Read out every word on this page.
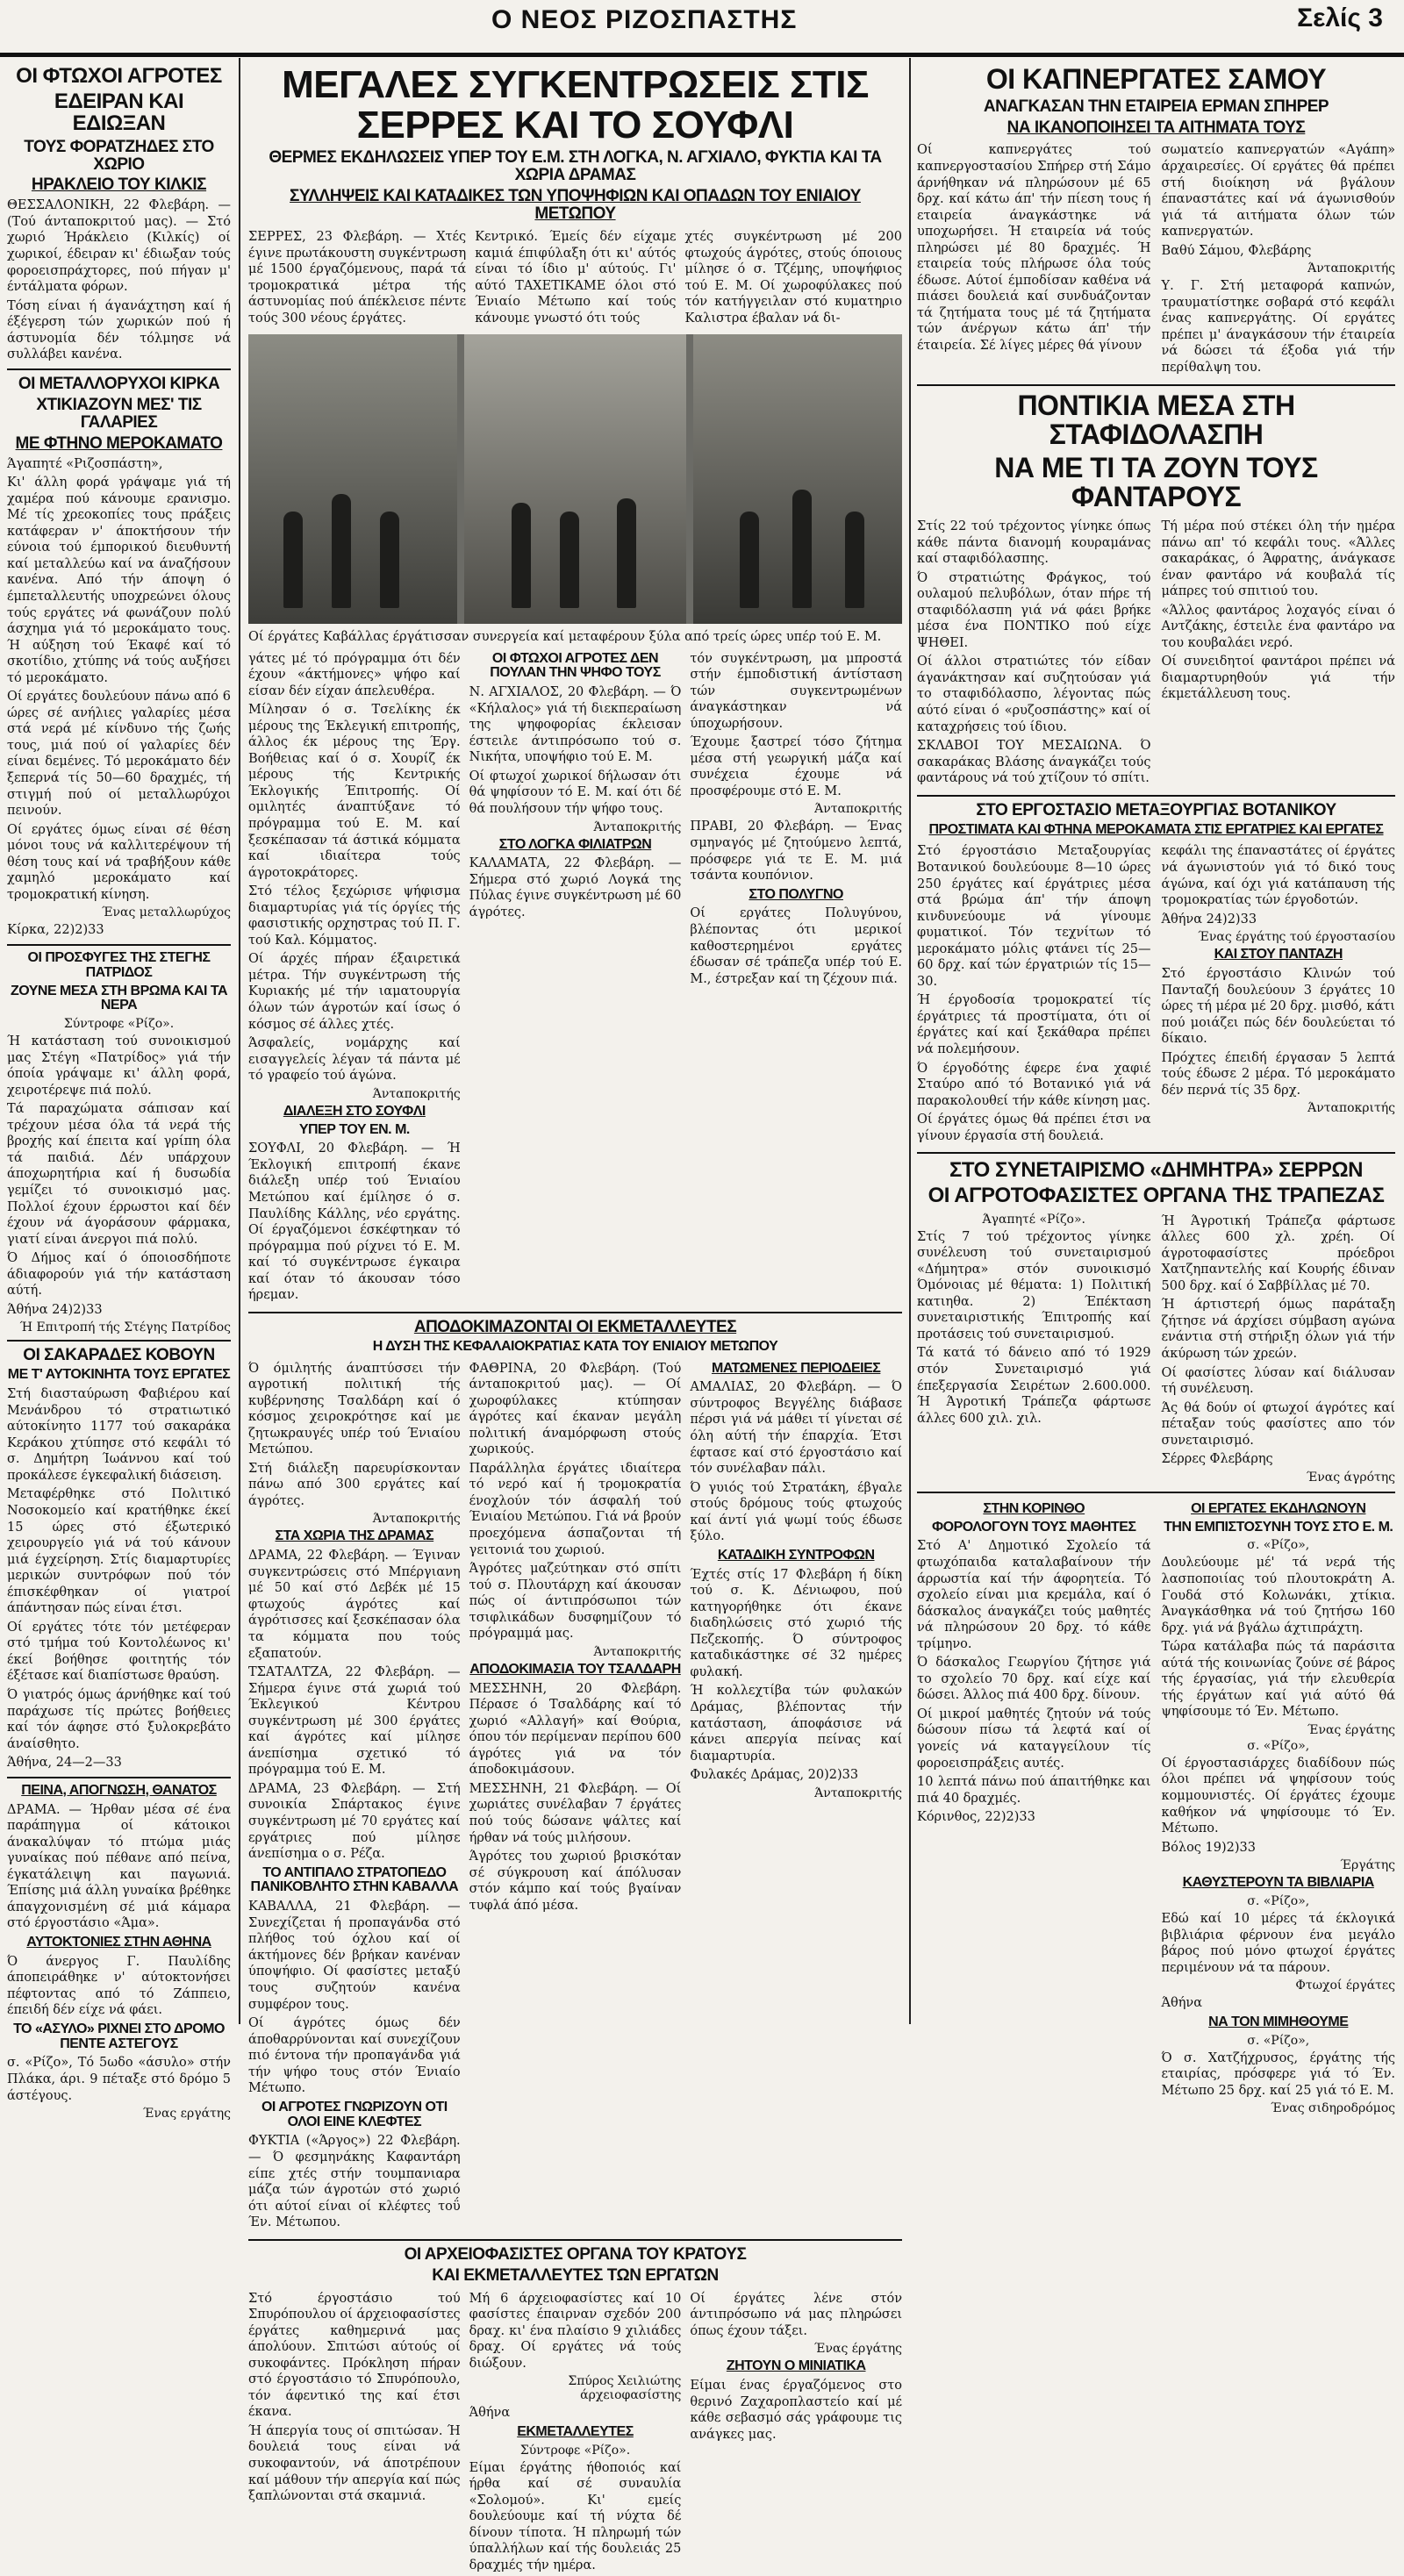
Ο ΝΕΟΣ ΡΙΖΟΣΠΑΣΤΗΣ	Σελίς 3
ΟΙ ΦΤΩΧΟΙ ΑΓΡΟΤΕΣ
ΕΔΕΙΡΑΝ ΚΑΙ ΕΔΙΩΞΑΝ
ΤΟΥΣ ΦΟΡΑΤΖΗΔΕΣ ΣΤΟ ΧΩΡΙΟ
ΗΡΑΚΛΕΙΟ ΤΟΥ ΚΙΛΚΙΣ

ΘΕΣΣΑΛΟΝΙΚΗ, 22 Φλεβάρη. — (Τού άνταποκριτού μας). — Στό χωριό Ήράκλειο (Κιλκίς) οί χωρικοί, έδειραν κι' έδιωξαν τούς φοροεισπράχτορες, πού πήγαν μ' έντάλματα φόρων.

Τόση είναι ή άγανάχτηση καί ή έξέγερση τών χωρικών πού ή άστυνομία δέν τόλμησε νά συλλάβει κανένα.

ΟΙ ΜΕΤΑΛΛΟΡΥΧΟΙ ΚΙΡΚΑ
ΧΤΙΚΙΑΖΟΥΝ ΜΕΣ' ΤΙΣ ΓΑΛΑΡΙΕΣ
ΜΕ ΦΤΗΝΟ ΜΕΡΟΚΑΜΑΤΟ

Άγαπητέ «Ριζοσπάστη»,

Κι' άλλη φορά γράψαμε γιά τή χαμέρα πού κάνουμε ερανισμο. Μέ τίς χρεοκοπίες τους πράξεις κατάφεραν ν' άποκτήσουν τήν εύνοια τού έμπορικού διευθυντή καί μεταλλεύω καί να άναζήσουν κανένα. Από τήν άποψη ό έμπεταλλευτής υποχρεώνει όλους τούς εργάτες νά φωνάζουν πολύ άσχημα γιά τό μεροκάματο τους. Ή αύξηση τού Έκαφέ καί τό σκοτίδιο, χτύπης νά τούς αυξήσει τό μεροκάματο.

Οί εργάτες δουλεύουν πάνω από 6 ώρες σέ ανήλιες γαλαρίες μέσα στά νερά μέ κίνδυνο τής ζωής τους, μιά πού οί γαλαρίες δέν είναι δεμένες. Τό μεροκάματο δέν ξεπερνά τίς 50—60 δραχμές, τή στιγμή πού οί μεταλλωρύχοι πεινούν.

Οί εργάτες όμως είναι σέ θέση μόνοι τους νά καλλιτερέψουν τή θέση τους καί νά τραβήξουν κάθε χαμηλό μεροκάματο καί τρομοκρατική κίνηση.

Ένας μεταλλωρύχος

Κίρκα, 22)2)33

ΟΙ ΠΡΟΣΦΥΓΕΣ ΤΗΣ ΣΤΕΓΗΣ ΠΑΤΡΙΔΟΣ
ΖΟΥΝΕ ΜΕΣΑ ΣΤΗ ΒΡΩΜΑ ΚΑΙ ΤΑ ΝΕΡΑ

Σύντροφε «Ρίζο».

Ή κατάσταση τού συνοικισμού μας Στέγη «Πατρίδος» γιά τήν όποία γράψαμε κι' άλλη φορά, χειροτέρεψε πιά πολύ.

Τά παραχώματα σάπισαν καί τρέχουν μέσα όλα τά νερά τής βροχής καί έπειτα καί γρίπη όλα τά παιδιά. Δέν υπάρχουν άποχωρητήρια καί ή δυσωδία γεμίζει τό συνοικισμό μας. Πολλοί έχουν έρρωστοι καί δέν έχουν νά άγοράσουν φάρμακα, γιατί είναι άνεργοι πιά πολύ.

Ό Δήμος καί ό όποιοσδήποτε άδιαφορούν γιά τήν κατάσταση αύτή.

Άθήνα 24)2)33

Ή Επιτροπή τής Στέγης Πατρίδος

ΟΙ ΣΑΚΑΡΑΔΕΣ ΚΟΒΟΥΝ
ΜΕ Τ' ΑΥΤΟΚΙΝΗΤΑ ΤΟΥΣ ΕΡΓΑΤΕΣ

Στή διασταύρωση Φαβιέρου καί Μενάνδρου τό στρατιωτικό αύτοκίνητο 1177 τού σακαράκα Κεράκου χτύπησε στό κεφάλι τό σ. Δημήτρη Ίωάννου καί τού προκάλεσε έγκεφαλική διάσειση.

Μεταφέρθηκε στό Πολιτικό Νοσοκομείο καί κρατήθηκε έκεί 15 ώρες στό έξωτερικό χειρουργείο γιά νά τού κάνουν μιά έγχείρηση. Στίς διαμαρτυρίες μερικών συντρόφων πού τόν έπισκέφθηκαν οί γιατροί άπάντησαν πώς είναι έτσι.

Οί εργάτες τότε τόν μετέφεραν στό τμήμα τού Κοντολέωνος κι' έκεί βοήθησε φοιτητής τόν έξέτασε καί διαπίστωσε θραύση.

Ό γιατρός όμως άρνήθηκε καί τού παράχωσε τίς πρώτες βοήθειες καί τόν άφησε στό ξυλοκρεβάτο άναίσθητο.

Άθήνα, 24—2—33

ΠΕΙΝΑ, ΑΠΟΓΝΩΣΗ, ΘΑΝΑΤΟΣ

ΔΡΑΜΑ. — Ήρθαν μέσα σέ ένα παράπηγμα οί κάτοικοι άνακαλύψαν τό πτώμα μιάς γυναίκας πού πέθανε από πείνα, έγκατάλειψη και παγωνιά. Έπίσης μιά άλλη γυναίκα βρέθηκε άπαγχονισμένη σέ μιά κάμαρα στό έργοστάσιο «Άμα».

ΑΥΤΟΚΤΟΝΙΕΣ ΣΤΗΝ ΑΘΗΝΑ

Ό άνεργος Γ. Παυλίδης άποπειράθηκε ν' αύτοκτονήσει πέφτοντας από τό Ζάππειο, έπειδή δέν είχε νά φάει.

ΤΟ «ΑΣΥΛΟ» ΡΙΧΝΕΙ ΣΤΟ ΔΡΟΜΟ ΠΕΝΤΕ ΑΣΤΕΓΟΥΣ

σ. «Ρίζο», Τό 5ωδο «άσυλο» στήν Πλάκα, άρι. 9 πέταξε στό δρόμο 5 άστέγους.

Ένας εργάτης

ΜΕΓΑΛΕΣ ΣΥΓΚΕΝΤΡΩΣΕΙΣ ΣΤΙΣ ΣΕΡΡΕΣ ΚΑΙ ΤΟ ΣΟΥΦΛΙ
ΘΕΡΜΕΣ ΕΚΔΗΛΩΣΕΙΣ ΥΠΕΡ ΤΟΥ Ε.Μ. ΣΤΗ ΛΟΓΚΑ, Ν. ΑΓΧΙΑΛΟ, ΦΥΚΤΙΑ ΚΑΙ ΤΑ ΧΩΡΙΑ ΔΡΑΜΑΣ
ΣΥΛΛΗΨΕΙΣ ΚΑΙ ΚΑΤΑΔΙΚΕΣ ΤΩΝ ΥΠΟΨΗΦΙΩΝ ΚΑΙ ΟΠΑΔΩΝ ΤΟΥ ΕΝΙΑΙΟΥ ΜΕΤΩΠΟΥ

ΣΕΡΡΕΣ, 23 Φλεβάρη. — Χτές έγινε πρωτάκουστη συγκέντρωση μέ 1500 έργαζόμενους, παρά τά τρομοκρατικά μέτρα τής άστυνομίας πού άπέκλεισε πέντε τούς 300 νέους έργάτες.

Κεντρικό. Έμείς δέν είχαμε καμιά έπιφύλαξη ότι κι' αύτός είναι τό ίδιο μ' αύτούς. Γι' αύτό ΤΑΧΕΤΙΚΑΜΕ όλοι στό Ένιαίο Μέτωπο καί τούς κάνουμε γνωστό ότι τούς

χτές συγκέντρωση μέ 200 φτωχούς άγρότες, στούς όποιους μίλησε ό σ. Τζέμης, υποψήφιος τού Ε. Μ. Οί χωροφύλακες πού τόν κατήγγειλαν στό κυματηριο Καλιστρα έβαλαν νά δι-

Οί έργάτες Καβάλλας έργάτισσαν συνεργεία καί μεταφέρουν ξύλα από τρείς ώρες υπέρ τού Ε. Μ.

γάτες μέ τό πρόγραμμα ότι δέν έχουν «άκτήμονες» ψήφο καί είσαν δέν είχαν άπελευθέρα.

Μίλησαν ό σ. Τσελίκης έκ μέρους της Έκλεγική επιτροπής, άλλος έκ μέρους της Έργ. Βοήθειας καί ό σ. Χουρίζ έκ μέρους τής Κεντρικής Έκλογικής Έπιτροπής. Οί ομιλητές άναπτύξανε τό πρόγραμμα τού Ε. Μ. καί ξεσκέπασαν τά άστικά κόμματα καί ιδιαίτερα τούς άγροτοκράτορες.

Στό τέλος ξεχώρισε ψήφισμα διαμαρτυρίας γιά τίς όργίες τής φασιστικής ορχηστρας τού Π. Γ. τού Καλ. Κόμματος.

Οί άρχές πήραν έξαιρετικά μέτρα. Τήν συγκέντρωση τής Κυριακής μέ τήν ιαματουργία όλων τών άγροτών καί ίσως ό κόσμος σέ άλλες χτές.

Άσφαλείς, νομάρχης καί εισαγγελείς λέγαν τά πάντα μέ τό γραφείο τού άγώνα.

Άνταποκριτής

ΔΙΑΛΕΞΗ ΣΤΟ ΣΟΥΦΛΙ
ΥΠΕΡ ΤΟΥ ΕΝ. Μ.

ΣΟΥΦΛΙ, 20 Φλεβάρη. — Ή Έκλογική επιτροπή έκανε διάλεξη υπέρ τού Ένιαίου Μετώπου καί έμίλησε ό σ. Παυλίδης Κάλλης, νέο εργάτης. Οί έργαζόμενοι έσκέφτηκαν τό πρόγραμμα πού ρίχνει τό Ε. Μ. καί τό συγκέντρωσε έγκαιρα καί όταν τό άκουσαν τόσο ήρεμαν.

ΟΙ ΦΤΩΧΟΙ ΑΓΡΟΤΕΣ ΔΕΝ ΠΟΥΛΑΝ ΤΗΝ ΨΗΦΟ ΤΟΥΣ

Ν. ΑΓΧΙΑΛΟΣ, 20 Φλεβάρη. — Ό «Κήλαλος» γιά τή διεκπεραίωση της ψηφοφορίας έκλεισαν έστειλε άντιπρόσωπο τού σ. Νικήτα, υποψήφιο τού Ε. Μ.

Οί φτωχοί χωρικοί δήλωσαν ότι θά ψηφίσουν τό Ε. Μ. καί ότι δέ θά πουλήσουν τήν ψήφο τους.

Άνταποκριτής

ΣΤΟ ΛΟΓΚΑ ΦΙΛΙΑΤΡΩΝ

ΚΑΛΑΜΑΤΑ, 22 Φλεβάρη. — Σήμερα στό χωριό Λογκά της Πύλας έγινε συγκέντρωση μέ 60 άγρότες.

τόν συγκέντρωση, μα μπροστά στήν έμποδιστική άντίσταση τών συγκεντρωμένων άναγκάστηκαν νά ύποχωρήσουν.

Έχουμε ξαστρεί τόσο ζήτημα μέσα στή γεωργική μάζα καί συνέχεια έχουμε νά προσφέρουμε στό Ε. Μ.

Άνταποκριτής

ΠΡΑΒΙ, 20 Φλεβάρη. — Ένας σμηναγός μέ ζητούμενο λεπτά, πρόσφερε γιά τε Ε. Μ. μιά τσάντα κουπόνιον.

ΣΤΟ ΠΟΛΥΓΝΟ

Οί εργάτες Πολυγύνου, βλέποντας ότι μερικοί καθοστερημένοι εργάτες έδωσαν σέ τράπεζα υπέρ τού Ε. Μ., έστρεξαν καί τη ζέχουν πιά.

ΑΠΟΔΟΚΙΜΑΖΟΝΤΑΙ ΟΙ ΕΚΜΕΤΑΛΛΕΥΤΕΣ
Η ΔΥΣΗ ΤΗΣ ΚΕΦΑΛΑΙΟΚΡΑΤΙΑΣ ΚΑΤΑ ΤΟΥ ΕΝΙΑΙΟΥ ΜΕΤΩΠΟΥ

Ό όμιλητής άναπτύσσει τήν αγροτική πολιτική τής κυβέρνησης Τσαλδάρη καί ό κόσμος χειροκρότησε καί με ζητωκραυγές υπέρ τού Ένιαίου Μετώπου.

Στή διάλεξη παρευρίσκονταν πάνω από 300 εργάτες καί άγρότες.

Άνταποκριτής

ΣΤΑ ΧΩΡΙΑ ΤΗΣ ΔΡΑΜΑΣ

ΔΡΑΜΑ, 22 Φλεβάρη. — Έγιναν συγκεντρώσεις στό Μπέργιανη μέ 50 καί στό Δεβέκ μέ 15 φτωχούς άγρότες καί άγρότισσες καί ξεσκέπασαν όλα τα κόμματα που τούς εξαπατούν.

ΤΣΑΤΑΛΤΖΑ, 22 Φλεβάρη. — Σήμερα έγινε στά χωριά τού Έκλεγικού Κέντρου συγκέντρωση μέ 300 έργάτες καί άγρότες καί μίλησε άνεπίσημα σχετικό τό πρόγραμμα τού Ε. Μ.

ΔΡΑΜΑ, 23 Φλεβάρη. — Στή συνοικία Σπάρτακος έγινε συγκέντρωση μέ 70 εργάτες καί εργάτριες πού μίλησε άνεπίσημα ο σ. Ρέζα.

ΤΟ ΑΝΤΙΠΑΛΟ ΣΤΡΑΤΟΠΕΔΟ ΠΑΝΙΚΟΒΛΗΤΟ ΣΤΗΝ ΚΑΒΑΛΛΑ

ΚΑΒΑΛΛΑ, 21 Φλεβάρη. — Συνεχίζεται ή προπαγάνδα στό πλήθος τού όχλου καί οί άκτήμονες δέν βρήκαν κανέναν ύποψήφιο. Οί φασίστες μεταξύ τους συζητούν κανένα συμφέρον τους.

Οί άγρότες όμως δέν άποθαρρύνονται καί συνεχίζουν πιό έντονα τήν προπαγάνδα γιά τήν ψήφο τους στόν Ένιαίο Μέτωπο.

ΟΙ ΑΓΡΟΤΕΣ ΓΝΩΡΙΖΟΥΝ ΟΤΙ ΟΛΟΙ ΕΙΝΕ ΚΛΕΦΤΕΣ

ΦΥΚΤΙΑ («Άργος») 22 Φλεβάρη. — Ό φεσμηνάκης Καφαντάρη είπε χτές στήν τουμπανιαρα μάζα τών άγροτών στό χωριό ότι αύτοί είναι οί κλέφτες τοΰ Έν. Μέτωπου.

ΦΑΘΡΙΝΑ, 20 Φλεβάρη. (Τού άνταποκριτού μας). — Οί χωροφύλακες κτύπησαν άγρότες καί έκαναν μεγάλη πολιτική άναμόρφωση στούς χωρικούς.

Παράλληλα έργάτες ιδιαίτερα τό νερό καί ή τρομοκρατία ένοχλούν τόν άσφαλή τού Ένιαίου Μετώπου. Γιά νά βρούν προεχόμενα άσπαζονται τή γειτονιά του χωριού.

Άγρότες μαζεύτηκαν στό σπίτι τού σ. Πλουτάρχη καί άκουσαν πώς οί άντιπρόσωποι τών τσιφλικάδων δυσφημίζουν τό πρόγραμμά μας.

Άνταποκριτής

ΑΠΟΔΟΚΙΜΑΣΙΑ ΤΟΥ ΤΣΑΛΔΑΡΗ

ΜΕΣΣΗΝΗ, 20 Φλεβάρη. Πέρασε ό Τσαλδάρης καί τό χωριό «Αλλαγή» καί Θούρια, όπου τόν περίμεναν περίπου 600 άγρότες γιά να τόν άποδοκιμάσουν.

ΜΕΣΣΗΝΗ, 21 Φλεβάρη. — Οί χωριάτες συνέλαβαν 7 έργάτες πού τούς δώσανε ψάλτες καί ήρθαν νά τούς μιλήσουν.

Άγρότες του χωριού βρισκόταν σέ σύγκρουση καί άπόλυσαν στόν κάμπο καί τούς βγαίναν τυφλά άπό μέσα.

ΜΑΤΩΜΕΝΕΣ ΠΕΡΙΟΔΕΙΕΣ

ΑΜΑΛΙΑΣ, 20 Φλεβάρη. — Ό σύντροφος Βεγγέλης διάβασε πέρσι γιά νά μάθει τί γίνεται σέ όλη αύτή τήν έπαρχία. Έτσι έφτασε καί στό έργοστάσιο καί τόν συνέλαβαν πάλι.

Ό γυιός τού Στρατάκη, έβγαλε στούς δρόμους τούς φτωχούς καί άντί γιά ψωμί τούς έδωσε ξύλο.

ΚΑΤΑΔΙΚΗ ΣΥΝΤΡΟΦΩΝ

Έχτές στίς 17 Φλεβάρη ή δίκη τού σ. Κ. Δένιωφου, πού κατηγορήθηκε ότι έκανε διαδηλώσεις στό χωριό τής Πεζεκοπής. Ό σύντροφος καταδικάστηκε σέ 32 ημέρες φυλακή.

Ή κολλεχτίβα τών φυλακών Δράμας, βλέποντας τήν κατάσταση, άποφάσισε νά κάνει απεργία πείνας καί διαμαρτυρία.

Φυλακές Δράμας, 20)2)33

Άνταποκριτής

ΟΙ ΑΡΧΕΙΟΦΑΣΙΣΤΕΣ ΟΡΓΑΝΑ ΤΟΥ ΚΡΑΤΟΥΣ
ΚΑΙ ΕΚΜΕΤΑΛΛΕΥΤΕΣ ΤΩΝ ΕΡΓΑΤΩΝ

Στό έργοστάσιο τού Σπυρόπουλου οί άρχειοφασίστες έργάτες καθημερινά μας άπολύουν. Σπιτώσι αύτούς οί συκοφάντες. Πρόκληση πήραν στό έργοστάσιο τό Σπυρόπουλο, τόν άφεντικό της καί έτσι έκανα.

Ή άπεργία τους οί σπιτώσαν. Ή δουλειά τους είναι νά συκοφαντούν, νά άποτρέπουν καί μάθουν τήν απεργία καί πώς ξαπλώνονται στά σκαμνιά.

Μή 6 άρχειοφασίστες καί 10 φασίστες έπαιρναν σχεδόν 200 δραχ. κι' ένα πλαίσιο 9 χιλιάδες δραχ. Οί εργάτες νά τούς διώξουν.

Σπύρος Χειλιώτης άρχειοφασίστης

Άθήνα

ΕΚΜΕΤΑΛΛΕΥΤΕΣ

Σύντροφε «Ρίζο».

Είμαι έργάτης ήθοποιός καί ήρθα καί σέ συναυλία «Σολομού». Κι' εμείς δουλεύουμε καί τή νύχτα δέ δίνουν τίποτα. Ή πληρωμή τών ύπαλλήλων καί τής δουλειάς 25 δραχμές τήν ημέρα.

Οί έργάτες λένε στόν άντιπρόσωπο νά μας πληρώσει όπως έχουν τάξει.

Ένας έργάτης

ΖΗΤΟΥΝ Ο ΜΙΝΙΑΤΙΚΑ

Είμαι ένας έργαζόμενος στο θερινό Ζαχαροπλαστείο καί μέ κάθε σεβασμό σάς γράφουμε τις ανάγκες μας.

ΟΙ ΚΑΠΝΕΡΓΑΤΕΣ ΣΑΜΟΥ
ΑΝΑΓΚΑΣΑΝ ΤΗΝ ΕΤΑΙΡΕΙΑ ΕΡΜΑΝ ΣΠΗΡΕΡ
ΝΑ ΙΚΑΝΟΠΟΙΗΣΕΙ ΤΑ ΑΙΤΗΜΑΤΑ ΤΟΥΣ

Οί καπνεργάτες τού καπνεργοστασίου Σπήρερ στή Σάμο άρνήθηκαν νά πληρώσουν μέ 65 δρχ. καί κάτω άπ' τήν πίεση τους ή εταιρεία άναγκάστηκε νά υποχωρήσει. Ή εταιρεία νά τούς πληρώσει μέ 80 δραχμές. Ή εταιρεία τούς πλήρωσε όλα τούς έδωσε. Αύτοί έμποδίσαν καθένα νά πιάσει δουλειά καί συνδυάζονταν τά ζητήματα τους μέ τά ζητήματα τών άνέργων κάτω άπ' τήν έταιρεία. Σέ λίγες μέρες θά γίνουν

σωματείο καπνεργατών «Αγάπη» άρχαιρεσίες. Οί εργάτες θά πρέπει στή διοίκηση νά βγάλουν έπαναστάτες καί νά άγωνισθούν γιά τά αιτήματα όλων τών καπνεργατών.

Βαθύ Σάμου, Φλεβάρης

Άνταποκριτής

Υ. Γ. Στή μεταφορά καπνών, τραυματίστηκε σοβαρά στό κεφάλι ένας καπνεργάτης. Οί εργάτες πρέπει μ' άναγκάσουν τήν έταιρεία νά δώσει τά έξοδα γιά τήν περίθαλψη του.

ΠΟΝΤΙΚΙΑ ΜΕΣΑ ΣΤΗ ΣΤΑΦΙΔΟΛΑΣΠΗ
ΝΑ ΜΕ ΤΙ ΤΑ ΖΟΥΝ ΤΟΥΣ ΦΑΝΤΑΡΟΥΣ

Στίς 22 τού τρέχοντος γίνηκε όπως κάθε πάντα διανομή κουραμάνας καί σταφιδόλασπης.

Ό στρατιώτης Φράγκος, τού ουλαμού πελυβόλων, όταν πήρε τή σταφιδόλασπη γιά νά φάει βρήκε μέσα ένα ΠΟΝΤΙΚΟ πού είχε ΨΗΘΕΙ.

Οί άλλοι στρατιώτες τόν είδαν άγανάκτησαν καί συζητούσαν γιά το σταφιδόλασπο, λέγοντας πώς αύτό είναι ό «ρυζοσπάστης» καί οί καταχρήσεις τού ίδιου.

ΣΚΛΑΒΟΙ ΤΟΥ ΜΕΣΑΙΩΝΑ. Ό σακαράκας Βλάσης άναγκάζει τούς φαντάρους νά τού χτίζουν τό σπίτι.

Τή μέρα πού στέκει όλη τήν ημέρα πάνω απ' τό κεφάλι τους. «Άλλες σακαράκας, ό Άφρατης, άνάγκασε έναν φαντάρο νά κουβαλά τίς μάπρες τού σπιτιού του.

«Άλλος φαντάρος λοχαγός είναι ό Αντζάκης, έστειλε ένα φαντάρο να του κουβαλάει νερό.

Οί συνειδητοί φαντάροι πρέπει νά διαμαρτυρηθούν γιά τήν έκμετάλλευση τους.

ΣΤΟ ΕΡΓΟΣΤΑΣΙΟ ΜΕΤΑΞΟΥΡΓΙΑΣ ΒΟΤΑΝΙΚΟΥ
ΠΡΟΣΤΙΜΑΤΑ ΚΑΙ ΦΤΗΝΑ ΜΕΡΟΚΑΜΑΤΑ ΣΤΙΣ ΕΡΓΑΤΡΙΕΣ ΚΑΙ ΕΡΓΑΤΕΣ

Στό έργοστάσιο Μεταξουργίας Βοτανικού δουλεύουμε 8—10 ώρες 250 έργάτες καί έργάτριες μέσα στά βρώμα άπ' τήν άποψη κινδυνεύουμε νά γίνουμε φυματικοί. Τόν τεχνίτων τό μεροκάματο μόλις φτάνει τίς 25—60 δρχ. καί τών έργατριών τίς 15—30.

Ή έργοδοσία τρομοκρατεί τίς έργάτριες τά προστίματα, ότι οί έργάτες καί καί ξεκάθαρα πρέπει νά πολεμήσουν.

Ό έργοδότης έφερε ένα χαφιέ Σταύρο από τό Βοτανικό γιά νά παρακολουθεί τήν κάθε κίνηση μας.

Οί έργάτες όμως θά πρέπει έτσι να γίνουν έργασία στή δουλειά.

κεφάλι της έπαναστάτες οί έργάτες νά άγωνιστούν γιά τό δικό τους άγώνα, καί όχι γιά κατάπαυση τής τρομοκρατίας τών έργοδοτών.

Άθήνα 24)2)33

Ένας έργάτης τού έργοστασίου

ΚΑΙ ΣΤΟΥ ΠΑΝΤΑΖΗ

Στό έργοστάσιο Κλινών τού Πανταζή δουλεύουν 3 έργάτες 10 ώρες τή μέρα μέ 20 δρχ. μισθό, κάτι πού μοιάζει πώς δέν δουλεύεται τό δίκαιο.

Πρόχτες έπειδή έργασαν 5 λεπτά τούς έδωσε 2 μέρα. Τό μεροκάματο δέν περνά τίς 35 δρχ.

Άνταποκριτής

ΣΤΟ ΣΥΝΕΤΑΙΡΙΣΜΟ «ΔΗΜΗΤΡΑ» ΣΕΡΡΩΝ
ΟΙ ΑΓΡΟΤΟΦΑΣΙΣΤΕΣ ΟΡΓΑΝΑ ΤΗΣ ΤΡΑΠΕΖΑΣ

Άγαπητέ «Ρίζο».

Στίς 7 τού τρέχοντος γίνηκε συνέλευση τού συνεταιρισμού «Δήμητρα» στόν συνοικισμό Όμόνοιας μέ θέματα: 1) Πολιτική κατιηθα. 2) Έπέκταση συνεταιριστικής Έπιτροπής καί προτάσεις τού συνεταιρισμού.

Τά κατά τό δάνειο από τό 1929 στόν Συνεταιρισμό γιά έπεξεργασία Σειρέτων 2.600.000. Ή Άγροτική Τράπεζα φάρτωσε άλλες 600 χιλ. χιλ.

Ή Άγροτική Τράπεζα φάρτωσε άλλες 600 χλ. χρέη. Οί άγροτοφασίστες πρόεδροι Χατζηπαντελής καί Κουρής έδιναν 500 δρχ. καί ό Σαββίλλας μέ 70.

Ή άρτιστερή όμως παράταξη ζήτησε νά άρχίσει σύμβαση αγώνα ενάντια στή στήριξη όλων γιά τήν άκύρωση τών χρεών.

Οί φασίστες λύσαν καί διάλυσαν τή συνέλευση.

Άς θά δούν οί φτωχοί άγρότες καί πέταξαν τούς φασίστες απο τόν συνεταιρισμό.

Σέρρες Φλεβάρης

Ένας άγρότης

ΣΤΗΝ ΚΟΡΙΝΘΟ
ΦΟΡΟΛΟΓΟΥΝ ΤΟΥΣ ΜΑΘΗΤΕΣ

Στό Α' Δημοτικό Σχολείο τά φτωχόπαιδα καταλαβαίνουν τήν άρρωστία καί τήν άφορητεία. Τό σχολείο είναι μια κρεμάλα, καί ό δάσκαλος άναγκάζει τούς μαθητές νά πληρώσουν 20 δρχ. τό κάθε τρίμηνο.

Ό δάσκαλος Γεωργίου ζήτησε γιά το σχολείο 70 δρχ. καί είχε καί δώσει. Άλλος πιά 400 δρχ. δίνουν.

Οί μικροί μαθητές ζητούν νά τούς δώσουν πίσω τά λεφτά καί οί γονείς νά καταγγείλουν τίς φοροεισπράξεις αυτές.

10 λεπτά πάνω πού άπαιτήθηκε και πιά 40 δραχμές.

Κόρινθος, 22)2)33

ΟΙ ΕΡΓΑΤΕΣ ΕΚΔΗΛΩΝΟΥΝ
ΤΗΝ ΕΜΠΙΣΤΟΣΥΝΗ ΤΟΥΣ ΣΤΟ Ε. Μ.

σ. «Ρίζο»,

Δουλεύουμε μέ' τά νερά τής λασποποιίας τού πλουτοκράτη Α. Γουδά στό Κολωνάκι, χτίκια. Άναγκάσθηκα νά τού ζητήσω 160 δρχ. γιά νά βγάλω άχτιπράχτη.

Τώρα κατάλαβα πώς τά παράσιτα αύτά τής κοινωνίας ζούνε σέ βάρος τής έργασίας, γιά τήν ελευθερία τής έργάτων καί γιά αύτό θά ψηφίσουμε τό Έν. Μέτωπο.

Ένας έργάτης

σ. «Ρίζο»,

Οί έργοστασιάρχες διαδίδουν πώς όλοι πρέπει νά ψηφίσουν τούς κομμουνιστές. Οί έργάτες έχουμε καθήκον νά ψηφίσουμε τό Έν. Μέτωπο.

Βόλος 19)2)33

Έργάτης

ΚΑΘΥΣΤΕΡΟΥΝ ΤΑ ΒΙΒΛΙΑΡΙΑ

σ. «Ρίζο»,

Εδώ καί 10 μέρες τά έκλογικά βιβλιάρια φέρνουν ένα μεγάλο βάρος πού μόνο φτωχοί έργάτες περιμένουν νά τα πάρουν.

Φτωχοί έργάτες

Άθήνα

ΝΑ ΤΟΝ ΜΙΜΗΘΟΥΜΕ

σ. «Ρίζο»,

Ό σ. Χατζήχρυσος, έργάτης τής εταιρίας, πρόσφερε γιά τό Έν. Μέτωπο 25 δρχ. καί 25 γιά τό Ε. Μ.

Ένας σιδηροδρόμος
